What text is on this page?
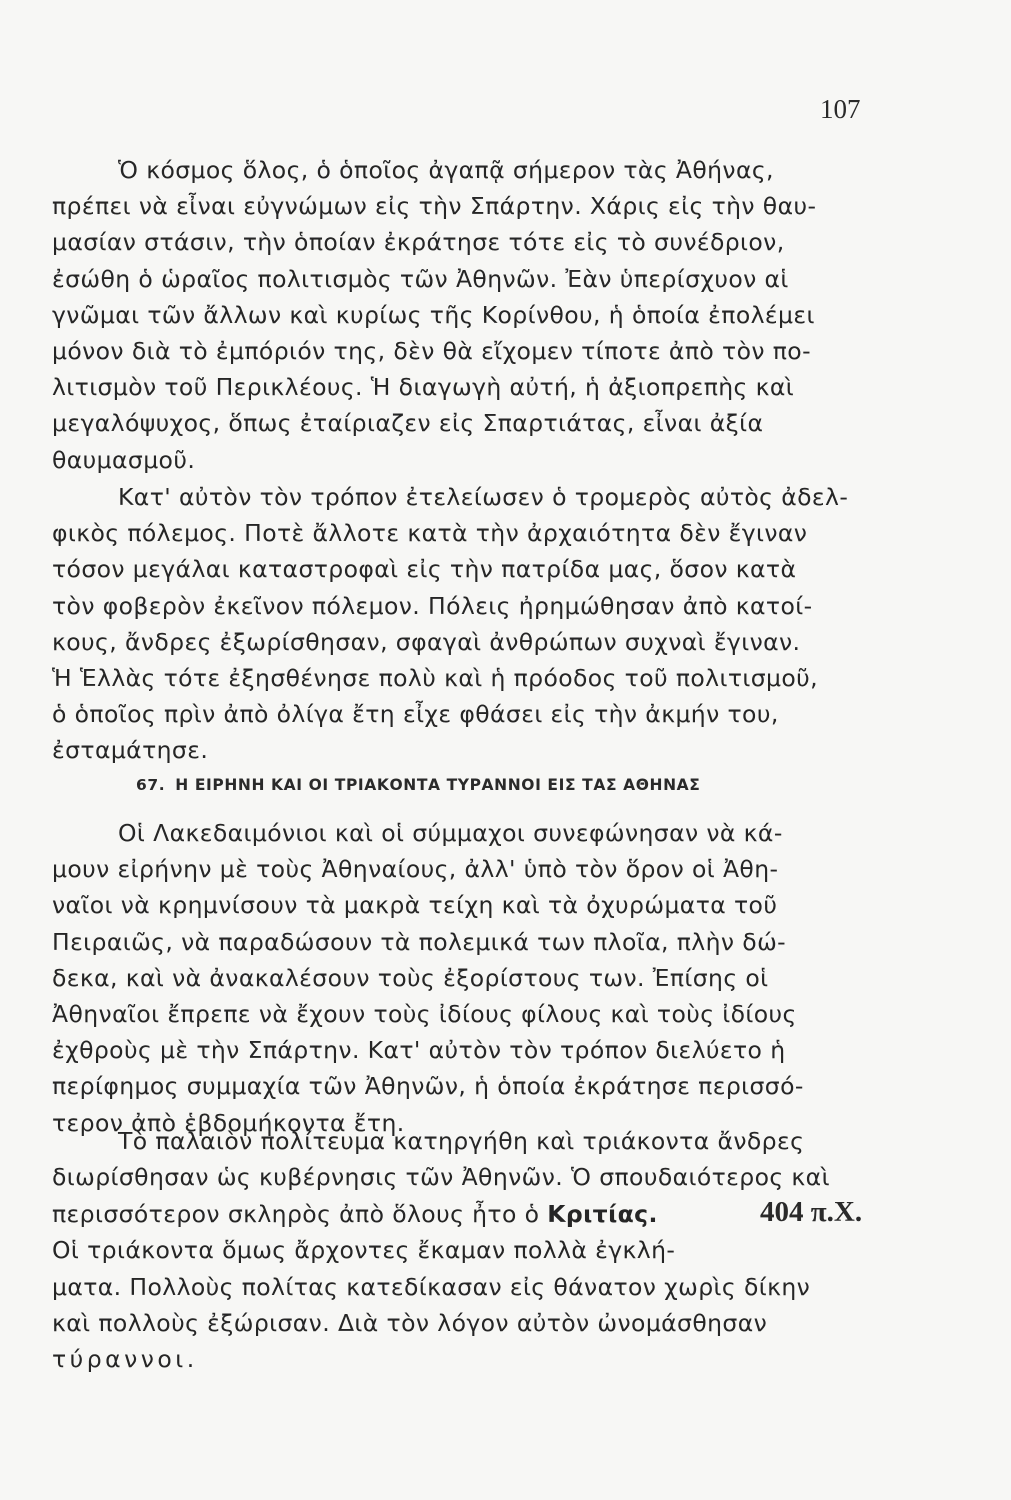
107
Ὁ κόσμος ὅλος, ὁ ὁποῖος ἀγαπᾷ σήμερον τὰς Ἀθήνας,
πρέπει νὰ εἶναι εὐγνώμων εἰς τὴν Σπάρτην. Χάρις εἰς τὴν θαυ-
μασίαν στάσιν, τὴν ὁποίαν ἐκράτησε τότε εἰς τὸ συνέδριον,
ἐσώθη ὁ ὡραῖος πολιτισμὸς τῶν Ἀθηνῶν. Ἐὰν ὑπερίσχυον αἱ
γνῶμαι τῶν ἄλλων καὶ κυρίως τῆς Κορίνθου, ἡ ὁποία ἐπολέμει
μόνον διὰ τὸ ἐμπόριόν της, δὲν θὰ εἴχομεν τίποτε ἀπὸ τὸν πο-
λιτισμὸν τοῦ Περικλέους. Ἡ διαγωγὴ αὐτή, ἡ ἀξιοπρεπὴς καὶ
μεγαλόψυχος, ὅπως ἐταίριαζεν εἰς Σπαρτιάτας, εἶναι ἀξία
θαυμασμοῦ.
Κατ' αὐτὸν τὸν τρόπον ἐτελείωσεν ὁ τρομερὸς αὐτὸς ἀδελ-
φικὸς πόλεμος. Ποτὲ ἄλλοτε κατὰ τὴν ἀρχαιότητα δὲν ἔγιναν
τόσον μεγάλαι καταστροφαὶ εἰς τὴν πατρίδα μας, ὅσον κατὰ
τὸν φοβερὸν ἐκεῖνον πόλεμον. Πόλεις ἠρημώθησαν ἀπὸ κατοί-
κους, ἄνδρες ἐξωρίσθησαν, σφαγαὶ ἀνθρώπων συχναὶ ἔγιναν.
Ἡ Ἑλλὰς τότε ἐξησθένησε πολὺ καὶ ἡ πρόοδος τοῦ πολιτισμοῦ,
ὁ ὁποῖος πρὶν ἀπὸ ὀλίγα ἔτη εἶχε φθάσει εἰς τὴν ἀκμήν του,
ἐσταμάτησε.
67. Η ΕΙΡΗΝΗ ΚΑΙ ΟΙ ΤΡΙΑΚΟΝΤΑ ΤΥΡΑΝΝΟΙ ΕΙΣ ΤΑΣ ΑΘΗΝΑΣ
Οἱ Λακεδαιμόνιοι καὶ οἱ σύμμαχοι συνεφώνησαν νὰ κά-
μουν εἰρήνην μὲ τοὺς Ἀθηναίους, ἀλλ' ὑπὸ τὸν ὅρον οἱ Ἀθη-
ναῖοι νὰ κρημνίσουν τὰ μακρὰ τείχη καὶ τὰ ὀχυρώματα τοῦ
Πειραιῶς, νὰ παραδώσουν τὰ πολεμικά των πλοῖα, πλὴν δώ-
δεκα, καὶ νὰ ἀνακαλέσουν τοὺς ἐξορίστους των. Ἐπίσης οἱ
Ἀθηναῖοι ἔπρεπε νὰ ἔχουν τοὺς ἰδίους φίλους καὶ τοὺς ἰδίους
ἐχθροὺς μὲ τὴν Σπάρτην. Κατ' αὐτὸν τὸν τρόπον διελύετο ἡ
περίφημος συμμαχία τῶν Ἀθηνῶν, ἡ ὁποία ἐκράτησε περισσό-
τερον ἀπὸ ἑβδομήκοντα ἔτη.
Τὸ παλαιὸν πολίτευμα κατηργήθη καὶ τριάκοντα ἄνδρες
διωρίσθησαν ὡς κυβέρνησις τῶν Ἀθηνῶν. Ὁ σπουδαιότερος καὶ
περισσότερον σκληρὸς ἀπὸ ὅλους ἦτο ὁ Κριτίας.
Οἱ τριάκοντα ὅμως ἄρχοντες ἔκαμαν πολλὰ ἐγκλή-
ματα. Πολλοὺς πολίτας κατεδίκασαν εἰς θάνατον χωρὶς δίκην
καὶ πολλοὺς ἐξώρισαν. Διὰ τὸν λόγον αὐτὸν ὠνομάσθησαν
τύραννοι.
404 π.Χ.
